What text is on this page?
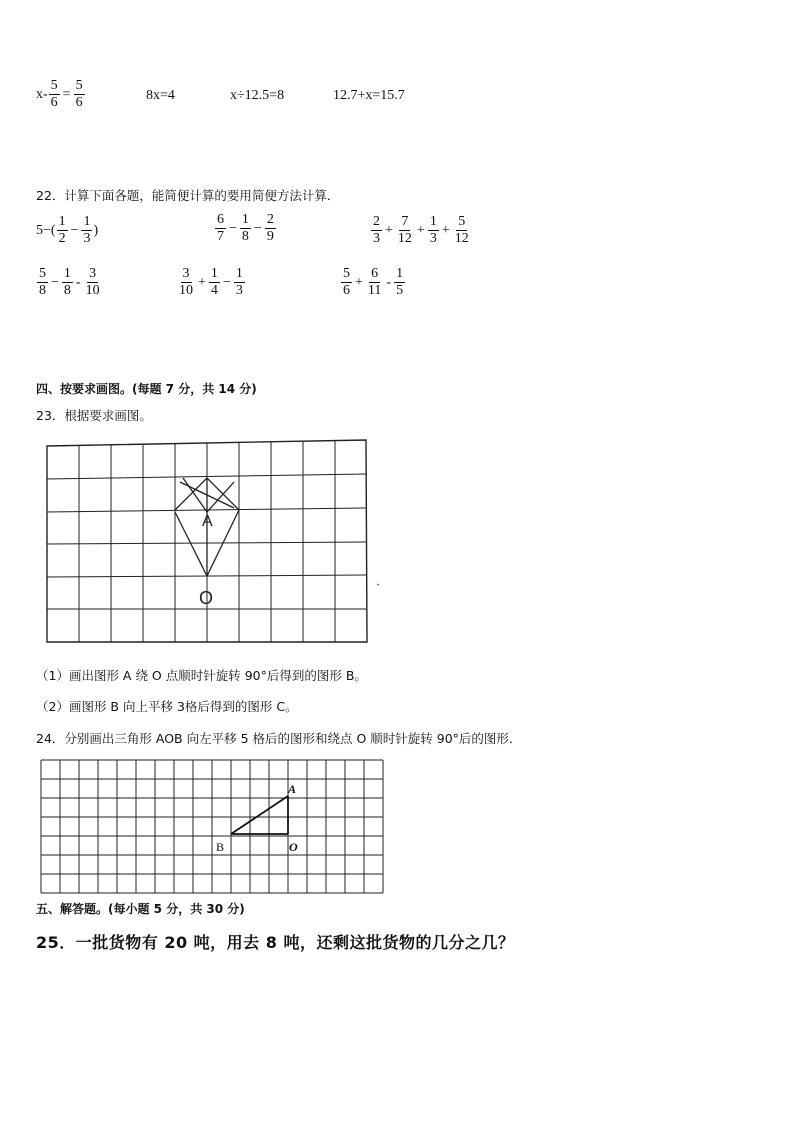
$x- \frac{5}{6} = \frac{5}{6}$	8x=4	x÷12.5=8	12.7+x=15.7
22．计算下面各题，能简便计算的要用简便方法计算．
$5-( \frac{1}{2} - \frac{1}{3}$ )	$\frac{6}{7} - \frac{1}{8} - \frac{2}{9}$	$\frac{2}{3} + \frac{7}{12} + \frac{1}{3} + \frac{5}{12}$
$\frac{5}{8} - \frac{1}{8} - \frac{3}{10}$	$\frac{3}{10} + \frac{1}{4} - \frac{1}{3}$	$\frac{5}{6} + \frac{6}{11} - \frac{1}{5}$
四、按要求画图。(每题 7 分，共 14 分)
23．根据要求画图。
A
O
（1）画出图形 A 绕 O 点顺时针旋转 90°后得到的图形 B。
（2）画图形 B 向上平移 3格后得到的图形 C。
24．分别画出三角形 AOB 向左平移 5 格后的图形和绕点 O 顺时针旋转 90°后的图形．
A
B	O
五、解答题。(每小题 5 分，共 30 分)
25．一批货物有 20 吨，用去 8 吨，还剩这批货物的几分之几？
